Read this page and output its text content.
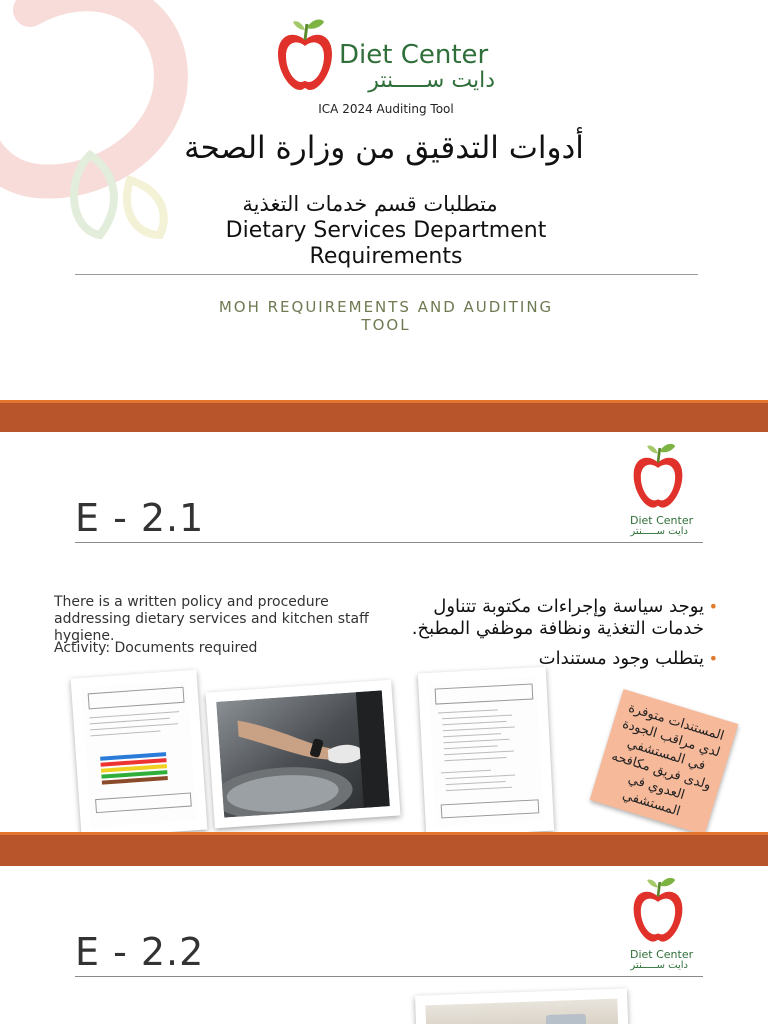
Diet Center
دايت ســـــنتر
ICA 2024 Auditing Tool
أدوات التدقيق من وزارة الصحة
متطلبات قسم خدمات التغذية
Dietary Services Department
Requirements
MOH REQUIREMENTS AND AUDITING
TOOL
Diet Center
دايت ســـــنتر
E - 2.1
There is a written policy and procedure addressing dietary services and kitchen staff hygiene.
Activity: Documents required
• يوجد سياسة وإجراءات مكتوبة تتناول خدمات التغذية ونظافة موظفي المطبخ.
• يتطلب وجود مستندات
المستندات متوفرة لدي مراقب الجودة في المستشفي ولدى فريق مكافحه العدوي في المستشفي
Diet Center
دايت ســـــنتر
E - 2.2
